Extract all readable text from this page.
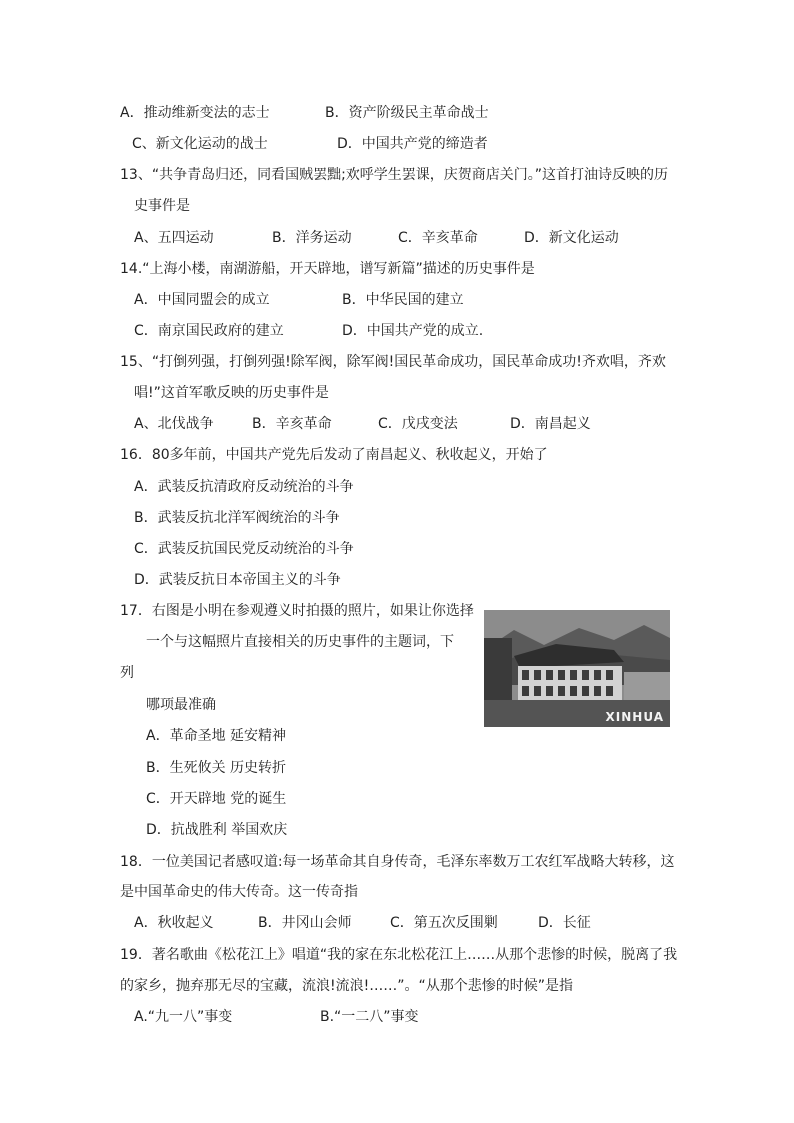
A．推动维新变法的志士	B．资产阶级民主革命战士
C、新文化运动的战士	D．中国共产党的缔造者
13、“共争青岛归还，同看国贼罢黜;欢呼学生罢课，庆贺商店关门。”这首打油诗反映的历
史事件是
A、五四运动	B．洋务运动	C．辛亥革命	D．新文化运动
14.“上海小楼，南湖游船，开天辟地，谱写新篇”描述的历史事件是
A．中国同盟会的成立	B．中华民国的建立
C．南京国民政府的建立	D．中国共产党的成立.
15、“打倒列强，打倒列强!除军阀，除军阀!国民革命成功，国民革命成功!齐欢唱，齐欢
唱!”这首军歌反映的历史事件是
A、北伐战争	B．辛亥革命	C．戊戌变法	D．南昌起义
16．80多年前，中国共产党先后发动了南昌起义、秋收起义，开始了
A．武装反抗清政府反动统治的斗争
B．武装反抗北洋军阀统治的斗争
C．武装反抗国民党反动统治的斗争
D．武装反抗日本帝国主义的斗争
17．右图是小明在参观遵义时拍摄的照片，如果让你选择
一个与这幅照片直接相关的历史事件的主题词，下
列
哪项最准确
A．革命圣地 延安精神
B．生死攸关 历史转折
C．开天辟地 党的诞生
D．抗战胜利 举国欢庆
XINHUA
18．一位美国记者感叹道:每一场革命其自身传奇，毛泽东率数万工农红军战略大转移，这
是中国革命史的伟大传奇。这一传奇指
A．秋收起义	B．井冈山会师	C．第五次反围剿	D．长征
19．著名歌曲《松花江上》唱道“我的家在东北松花江上……从那个悲惨的时候，脱离了我
的家乡，抛弃那无尽的宝藏，流浪!流浪!……”。“从那个悲惨的时候”是指
A.“九一八”事变	B.“一二八”事变
